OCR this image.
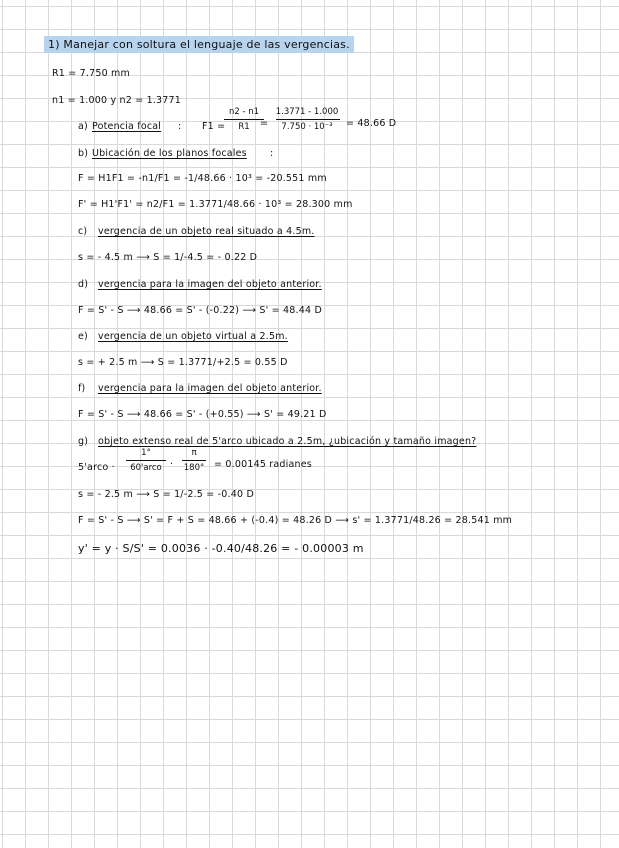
1) Manejar con soltura el lenguaje de las vergencias.
R1 = 7.750 mm
n1 = 1.000 y n2 = 1.3771
a) Potencia focal : F1 =
n2 - n1
R1	=
1.3771 - 1.000
7.750 · 10⁻³	= 48.66 D
b) Ubicación de los planos focales :
F = H1F1 = -n1/F1 = -1/48.66 · 10³ = -20.551 mm
F' = H1'F1' = n2/F1 = 1.3771/48.66 · 10³ = 28.300 mm
c) vergencia de un objeto real situado a 4.5m.
s = - 4.5 m ⟶ S = 1/-4.5 = - 0.22 D
d) vergencia para la imagen del objeto anterior.
F = S' - S ⟶ 48.66 = S' - (-0.22) ⟶ S' = 48.44 D
e) vergencia de un objeto virtual a 2.5m.
s = + 2.5 m ⟶ S = 1.3771/+2.5 = 0.55 D
f) vergencia para la imagen del objeto anterior.
F = S' - S ⟶ 48.66 = S' - (+0.55) ⟶ S' = 49.21 D
g) objeto extenso real de 5'arco ubicado a 2.5m, ¿ubicación y tamaño imagen?
5'arco ·
1°
60'arco ·
π
180°	= 0.00145 radianes
s = - 2.5 m ⟶ S = 1/-2.5 = -0.40 D
F = S' - S ⟶ S' = F + S = 48.66 + (-0.4) = 48.26 D ⟶ s' = 1.3771/48.26 = 28.541 mm
y' = y · S/S' = 0.0036 · -0.40/48.26 = - 0.00003 m
